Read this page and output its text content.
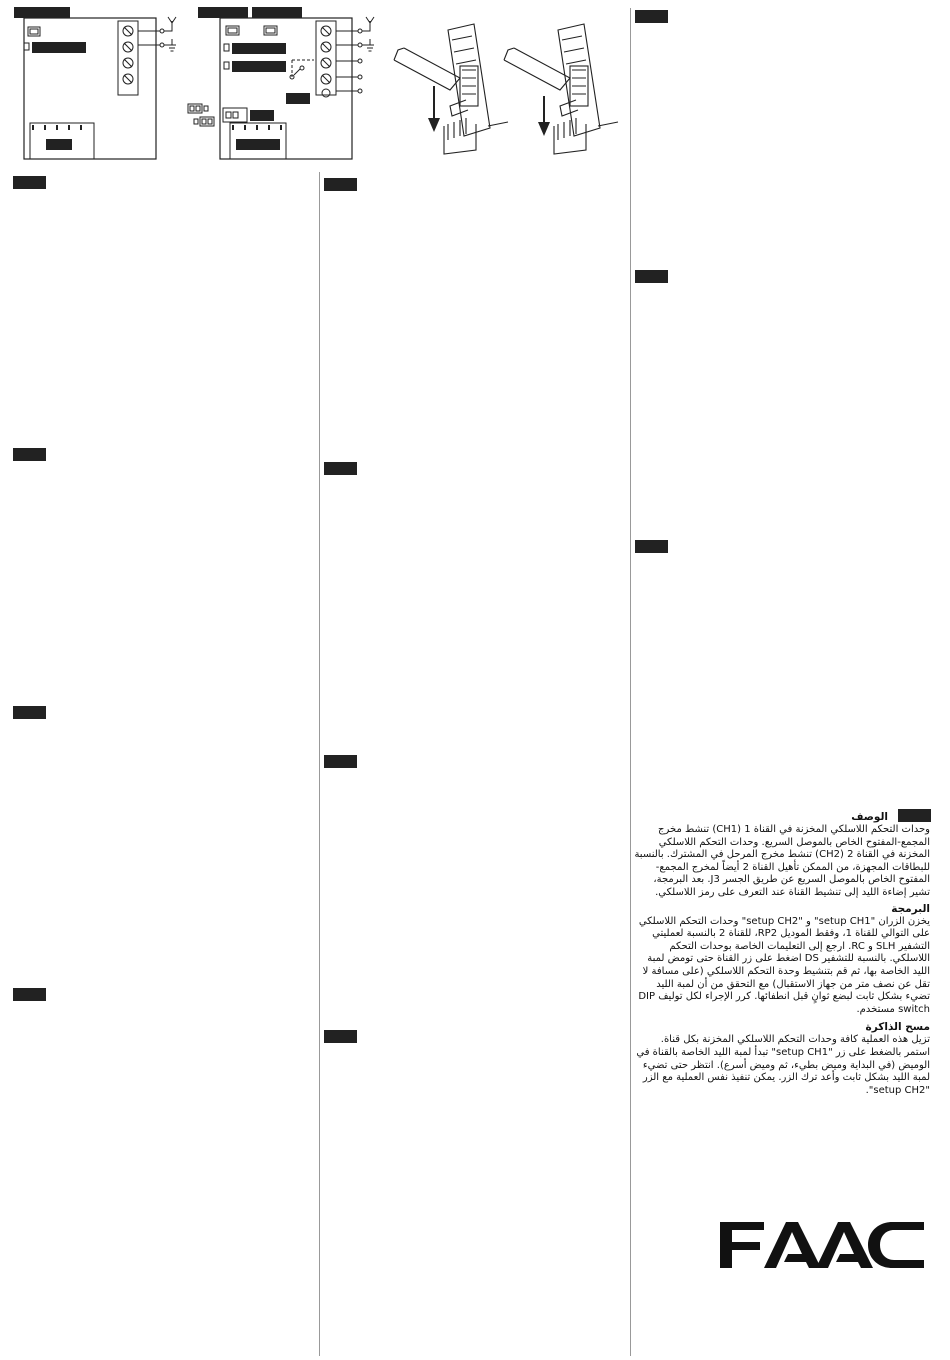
الوصف

وحدات التحكم اللاسلكي المخزنة في القناة 1 (CH1) تنشط مخرج المجمع-المفتوح الخاص بالموصل السريع. وحدات التحكم اللاسلكي المخزنة في القناة 2 (CH2) تنشط مخرج المرحل في المشترك. بالنسبة للبطاقات المجهزة، من الممكن تأهيل القناة 2 أيضاً لمخرج المجمع-المفتوح الخاص بالموصل السريع عن طريق الجسر J3. بعد البرمجة، تشير إضاءة الليد إلى تنشيط القناة عند التعرف على رمز اللاسلكي.

البرمجة

يخزن الزران "setup CH1" و "setup CH2" وحدات التحكم اللاسلكي على التوالي للقناة 1، وفقط الموديل RP2، للقناة 2 بالنسبة لعمليتي التشفير SLH و RC. ارجع إلى التعليمات الخاصة بوحدات التحكم اللاسلكي. بالنسبة للتشفير DS اضغط على زر القناة حتى تومض لمبة الليد الخاصة بها، ثم قم بتنشيط وحدة التحكم اللاسلكي (على مسافة لا تقل عن نصف متر من جهاز الاستقبال) مع التحقق من أن لمبة الليد تضيء بشكل ثابت لبضع ثوانٍ قبل انطفائها. كرر الإجراء لكل توليف DIP switch مستخدم.

مسح الذاكرة

تزيل هذه العملية كافة وحدات التحكم اللاسلكي المخزنة بكل قناة.

استمر بالضغط على زر "setup CH1" تبدأ لمبة الليد الخاصة بالقناة في الوميض (في البداية وميض بطيء، ثم وميض أسرع). انتظر حتى تضيء لمبة الليد بشكل ثابت وأعد ترك الزر. يمكن تنفيذ نفس العملية مع الزر "setup CH2".
